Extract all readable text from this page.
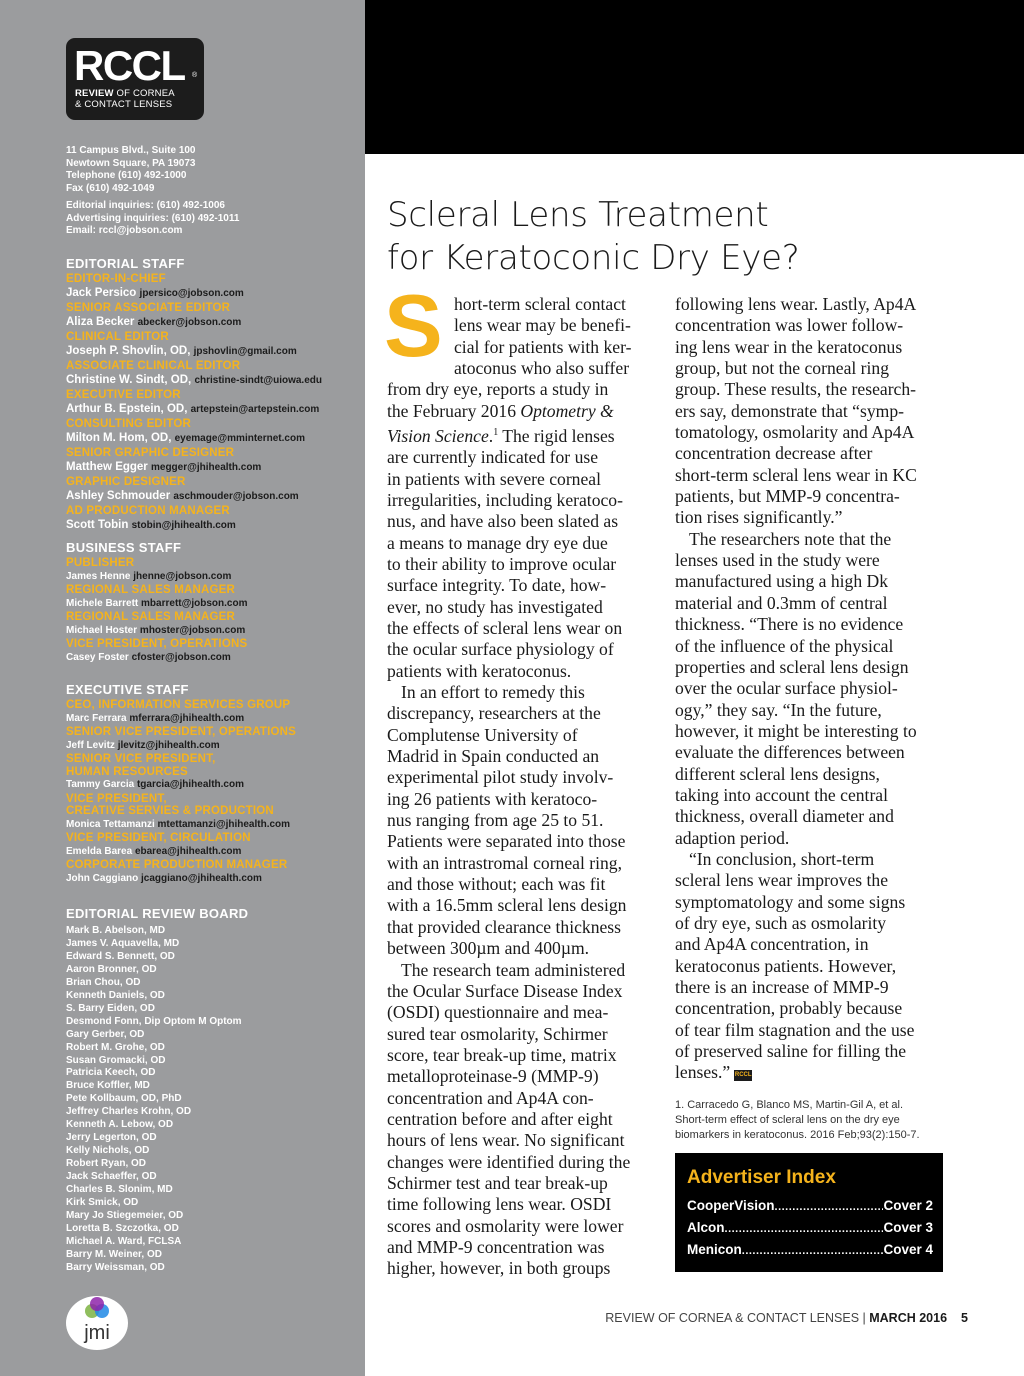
RCCL ®
REVIEW OF CORNEA
& CONTACT LENSES
11 Campus Blvd., Suite 100
Newtown Square, PA 19073
Telephone (610) 492-1000
Fax (610) 492-1049
Editorial inquiries: (610) 492-1006
Advertising inquiries: (610) 492-1011
Email: rccl@jobson.com
EDITORIAL STAFF
EDITOR-IN-CHIEF
Jack Persico jpersico@jobson.com
SENIOR ASSOCIATE EDITOR
Aliza Becker abecker@jobson.com
CLINICAL EDITOR
Joseph P. Shovlin, OD, jpshovlin@gmail.com
ASSOCIATE CLINICAL EDITOR
Christine W. Sindt, OD, christine-sindt@uiowa.edu
EXECUTIVE EDITOR
Arthur B. Epstein, OD, artepstein@artepstein.com
CONSULTING EDITOR
Milton M. Hom, OD, eyemage@mminternet.com
SENIOR GRAPHIC DESIGNER
Matthew Egger megger@jhihealth.com
GRAPHIC DESIGNER
Ashley Schmouder aschmouder@jobson.com
AD PRODUCTION MANAGER
Scott Tobin stobin@jhihealth.com
BUSINESS STAFF
PUBLISHER
James Henne jhenne@jobson.com
REGIONAL SALES MANAGER
Michele Barrett mbarrett@jobson.com
REGIONAL SALES MANAGER
Michael Hoster mhoster@jobson.com
VICE PRESIDENT, OPERATIONS
Casey Foster cfoster@jobson.com
EXECUTIVE STAFF
CEO, INFORMATION SERVICES GROUP
Marc Ferrara mferrara@jhihealth.com
SENIOR VICE PRESIDENT, OPERATIONS
Jeff Levitz jlevitz@jhihealth.com
SENIOR VICE PRESIDENT,
HUMAN RESOURCES
Tammy Garcia tgarcia@jhihealth.com
VICE PRESIDENT,
CREATIVE SERVIES & PRODUCTION
Monica Tettamanzi mtettamanzi@jhihealth.com
VICE PRESIDENT, CIRCULATION
Emelda Barea ebarea@jhihealth.com
CORPORATE PRODUCTION MANAGER
John Caggiano jcaggiano@jhihealth.com
EDITORIAL REVIEW BOARD
Mark B. Abelson, MD
James V. Aquavella, MD
Edward S. Bennett, OD
Aaron Bronner, OD
Brian Chou, OD
Kenneth Daniels, OD
S. Barry Eiden, OD
Desmond Fonn, Dip Optom M Optom
Gary Gerber, OD
Robert M. Grohe, OD
Susan Gromacki, OD
Patricia Keech, OD
Bruce Koffler, MD
Pete Kollbaum, OD, PhD
Jeffrey Charles Krohn, OD
Kenneth A. Lebow, OD
Jerry Legerton, OD
Kelly Nichols, OD
Robert Ryan, OD
Jack Schaeffer, OD
Charles B. Slonim, MD
Kirk Smick, OD
Mary Jo Stiegemeier, OD
Loretta B. Szczotka, OD
Michael A. Ward, FCLSA
Barry M. Weiner, OD
Barry Weissman, OD
jmi
Scleral Lens Treatment
for Keratoconic Dry Eye?
S hort-term scleral contact
lens wear may be benefi-
cial for patients with ker-
atoconus who also suffer
from dry eye, reports a study in
the February 2016 Optometry &
Vision Science.$^1$ The rigid lenses
are currently indicated for use
in patients with severe corneal
irregularities, including keratoco-
nus, and have also been slated as
a means to manage dry eye due
to their ability to improve ocular
surface integrity. To date, how-
ever, no study has investigated
the effects of scleral lens wear on
the ocular surface physiology of
patients with keratoconus.
In an effort to remedy this
discrepancy, researchers at the
Complutense University of
Madrid in Spain conducted an
experimental pilot study involv-
ing 26 patients with keratoco-
nus ranging from age 25 to 51.
Patients were separated into those
with an intrastromal corneal ring,
and those without; each was fit
with a 16.5mm scleral lens design
that provided clearance thickness
between 300µm and 400µm.
The research team administered
the Ocular Surface Disease Index
(OSDI) questionnaire and mea-
sured tear osmolarity, Schirmer
score, tear break-up time, matrix
metalloproteinase-9 (MMP-9)
concentration and Ap4A con-
centration before and after eight
hours of lens wear. No significant
changes were identified during the
Schirmer test and tear break-up
time following lens wear. OSDI
scores and osmolarity were lower
and MMP-9 concentration was
higher, however, in both groups
following lens wear. Lastly, Ap4A
concentration was lower follow-
ing lens wear in the keratoconus
group, but not the corneal ring
group. These results, the research-
ers say, demonstrate that “symp-
tomatology, osmolarity and Ap4A
concentration decrease after
short-term scleral lens wear in KC
patients, but MMP-9 concentra-
tion rises significantly.”
The researchers note that the
lenses used in the study were
manufactured using a high Dk
material and 0.3mm of central
thickness. “There is no evidence
of the influence of the physical
properties and scleral lens design
over the ocular surface physiol-
ogy,” they say. “In the future,
however, it might be interesting to
evaluate the differences between
different scleral lens designs,
taking into account the central
thickness, overall diameter and
adaption period.
“In conclusion, short-term
scleral lens wear improves the
symptomatology and some signs
of dry eye, such as osmolarity
and Ap4A concentration, in
keratoconus patients. However,
there is an increase of MMP-9
concentration, probably because
of tear film stagnation and the use
of preserved saline for filling the
lenses.” RCCL
1. Carracedo G, Blanco MS, Martin-Gil A, et al.
Short-term effect of scleral lens on the dry eye
biomarkers in keratoconus. 2016 Feb;93(2):150-7.
Advertiser Index
CooperVision .....	Cover 2
Alcon .....	Cover 3
Menicon .....	Cover 4
REVIEW OF CORNEA & CONTACT LENSES | MARCH 2016 5
